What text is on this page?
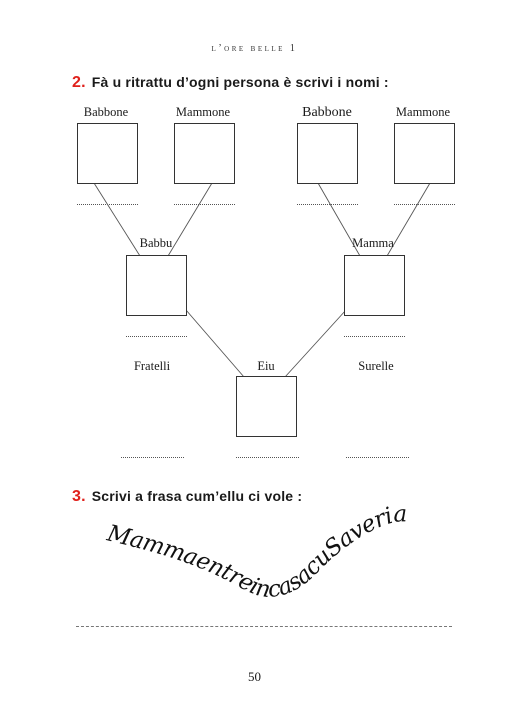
l’ore belle 1
2. Fà u ritrattu d’ogni persona è scrivi i nomi :
Babbone	Mammone	Babbone	Mammone
Babbu	Mamma
Fratelli	Eiu	Surelle
3. Scrivi a frasa cum’ellu ci vole :
MammaentreincasacuSaveria
50
